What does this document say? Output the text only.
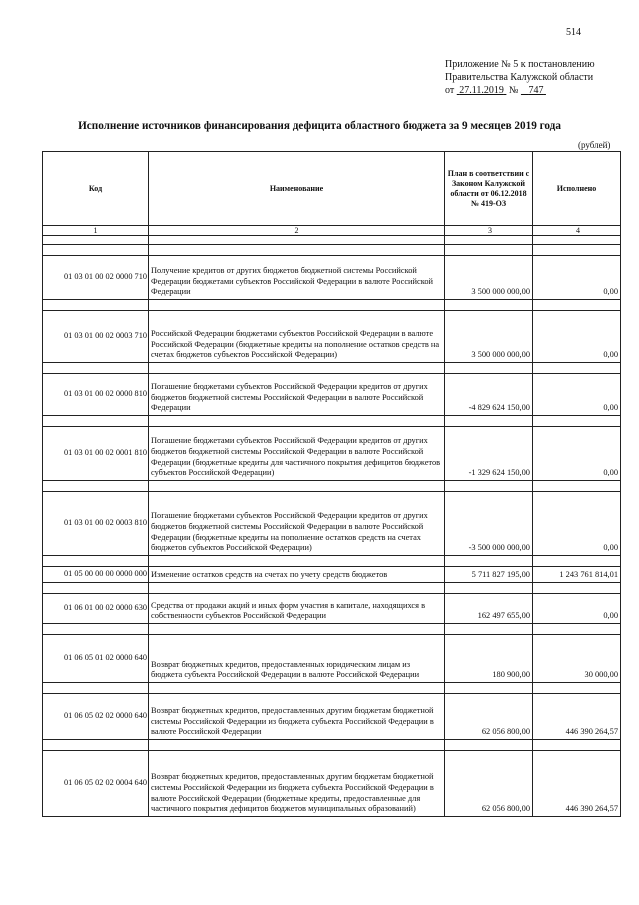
514
Приложение № 5 к постановлению
Правительства Калужской области
от 27.11.2019 № 747
Исполнение источников финансирования дефицита областного бюджета за 9 месяцев 2019 года
(рублей)
Код	Наименование	План в соответствии с Законом Калужской области от 06.12.2018 № 419-ОЗ	Исполнено
1	2	3	4

01 03 01 00 02 0000 710	Получение кредитов от других бюджетов бюджетной системы Российской Федерации бюджетами субъектов Российской Федерации в валюте Российской Федерации	3 500 000 000,00	0,00

01 03 01 00 02 0003 710	Российской Федерации бюджетами субъектов Российской Федерации в валюте Российской Федерации (бюджетные кредиты на пополнение остатков средств на счетах бюджетов субъектов Российской Федерации)	3 500 000 000,00	0,00

01 03 01 00 02 0000 810	Погашение бюджетами субъектов Российской Федерации кредитов от других бюджетов бюджетной системы Российской Федерации в валюте Российской Федерации	-4 829 624 150,00	0,00

01 03 01 00 02 0001 810	Погашение бюджетами субъектов Российской Федерации кредитов от других бюджетов бюджетной системы Российской Федерации в валюте Российской Федерации (бюджетные кредиты для частичного покрытия дефицитов бюджетов субъектов Российской Федерации)	-1 329 624 150,00	0,00

01 03 01 00 02 0003 810	Погашение бюджетами субъектов Российской Федерации кредитов от других бюджетов бюджетной системы Российской Федерации в валюте Российской Федерации (бюджетные кредиты на пополнение остатков средств на счетах бюджетов субъектов Российской Федерации)	-3 500 000 000,00	0,00

01 05 00 00 00 0000 000	Изменение остатков средств на счетах по учету средств бюджетов	5 711 827 195,00	1 243 761 814,01

01 06 01 00 02 0000 630	Средства от продажи акций и иных форм участия в капитале, находящихся в собственности субъектов Российской Федерации	162 497 655,00	0,00

01 06 05 01 02 0000 640	Возврат бюджетных кредитов, предоставленных юридическим лицам из бюджета субъекта Российской Федерации в валюте Российской Федерации	180 900,00	30 000,00

01 06 05 02 02 0000 640	Возврат бюджетных кредитов, предоставленных другим бюджетам бюджетной системы Российской Федерации из бюджета субъекта Российской Федерации в валюте Российской Федерации	62 056 800,00	446 390 264,57

01 06 05 02 02 0004 640	Возврат бюджетных кредитов, предоставленных другим бюджетам бюджетной системы Российской Федерации из бюджета субъекта Российской Федерации в валюте Российской Федерации (бюджетные кредиты, предоставленные для частичного покрытия дефицитов бюджетов муниципальных образований)	62 056 800,00	446 390 264,57
